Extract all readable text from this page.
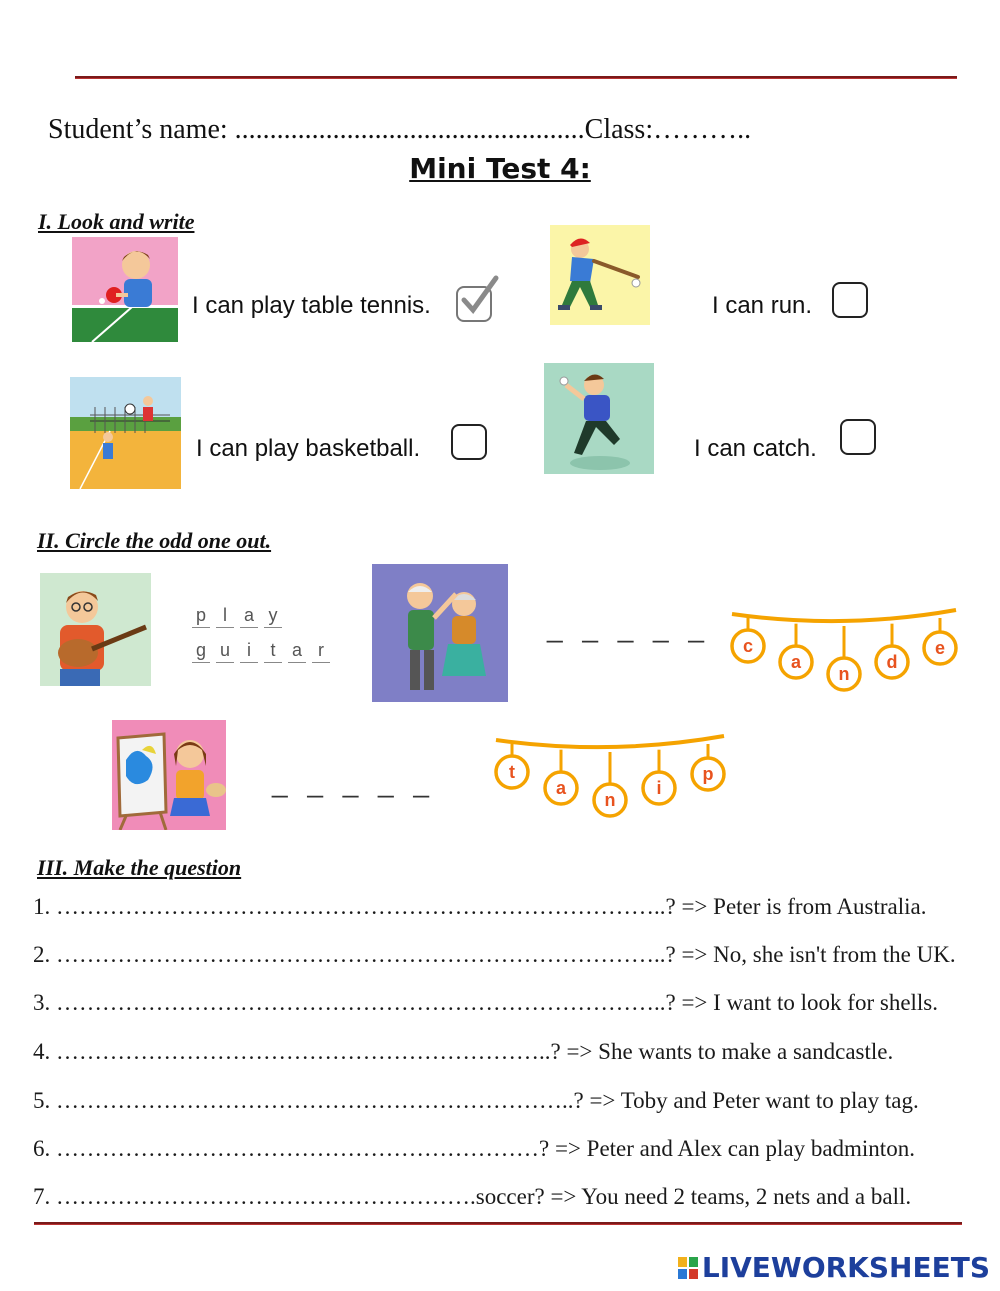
Student’s name: ..................................................Class:………..
Mini Test 4:
I. Look and write
I can play table tennis.	I can run.
I can play basketball.	I can catch.
II. Circle the odd one out.
p l a y
g u i t a r
_ _ _ _ _
c
a
n
d
e
_ _ _ _ _	t
a
n
i
p
III. Make the question
1. ……………………………………………………………………..? => Peter is from Australia.
2. ……………………………………………………………………..? => No, she isn't from the UK.
3. ……………………………………………………………………..? => I want to look for shells.
4. ………………………………………………………..? => She wants to make a sandcastle.
5. …………………………………………………………..? => Toby and Peter want to play tag.
6. ………………………………………………………? => Peter and Alex can play badminton.
7. ……………………………………………….soccer? => You need 2 teams, 2 nets and a ball.
LIVEWORKSHEETS
